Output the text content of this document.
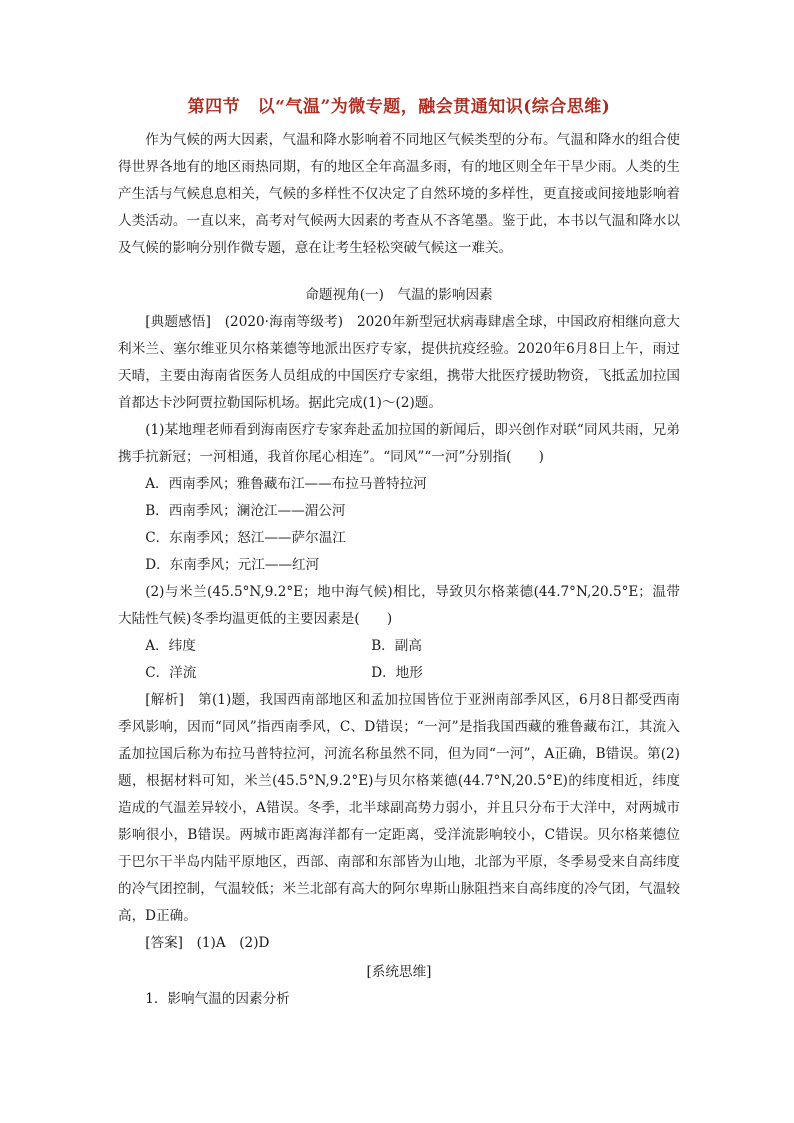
第四节　以“气温”为微专题，融会贯通知识(综合思维)

作为气候的两大因素，气温和降水影响着不同地区气候类型的分布。气温和降水的组合使得世界各地有的地区雨热同期，有的地区全年高温多雨，有的地区则全年干旱少雨。人类的生产生活与气候息息相关，气候的多样性不仅决定了自然环境的多样性，更直接或间接地影响着人类活动。一直以来，高考对气候两大因素的考查从不吝笔墨。鉴于此，本书以气温和降水以及气候的影响分别作微专题，意在让考生轻松突破气候这一难关。

命题视角(一)　气温的影响因素

[典题感悟]　(2020·海南等级考)　2020年新型冠状病毒肆虐全球，中国政府相继向意大利米兰、塞尔维亚贝尔格莱德等地派出医疗专家，提供抗疫经验。2020年6月8日上午，雨过天晴，主要由海南省医务人员组成的中国医疗专家组，携带大批医疗援助物资，飞抵孟加拉国首都达卡沙阿贾拉勒国际机场。据此完成(1)～(2)题。

(1)某地理老师看到海南医疗专家奔赴孟加拉国的新闻后，即兴创作对联“同风共雨，兄弟携手抗新冠；一河相通，我首你尾心相连”。“同风”“一河”分别指(　　)

A．西南季风；雅鲁藏布江——布拉马普特拉河

B．西南季风；澜沧江——湄公河

C．东南季风；怒江——萨尔温江

D．东南季风；元江——红河

(2)与米兰(45.5°N,9.2°E；地中海气候)相比，导致贝尔格莱德(44.7°N,20.5°E；温带大陆性气候)冬季均温更低的主要因素是(　　)

A．纬度	B．副高
C．洋流	D．地形

[解析]　第(1)题，我国西南部地区和孟加拉国皆位于亚洲南部季风区，6月8日都受西南季风影响，因而“同风”指西南季风，C、D错误；“一河”是指我国西藏的雅鲁藏布江，其流入孟加拉国后称为布拉马普特拉河，河流名称虽然不同，但为同“一河”，A正确，B错误。第(2)题，根据材料可知，米兰(45.5°N,9.2°E)与贝尔格莱德(44.7°N,20.5°E)的纬度相近，纬度造成的气温差异较小，A错误。冬季，北半球副高势力弱小，并且只分布于大洋中，对两城市影响很小，B错误。两城市距离海洋都有一定距离，受洋流影响较小，C错误。贝尔格莱德位于巴尔干半岛内陆平原地区，西部、南部和东部皆为山地，北部为平原，冬季易受来自高纬度的冷气团控制，气温较低；米兰北部有高大的阿尔卑斯山脉阻挡来自高纬度的冷气团，气温较高，D正确。

[答案]　(1)A　(2)D

[系统思维]

1．影响气温的因素分析
